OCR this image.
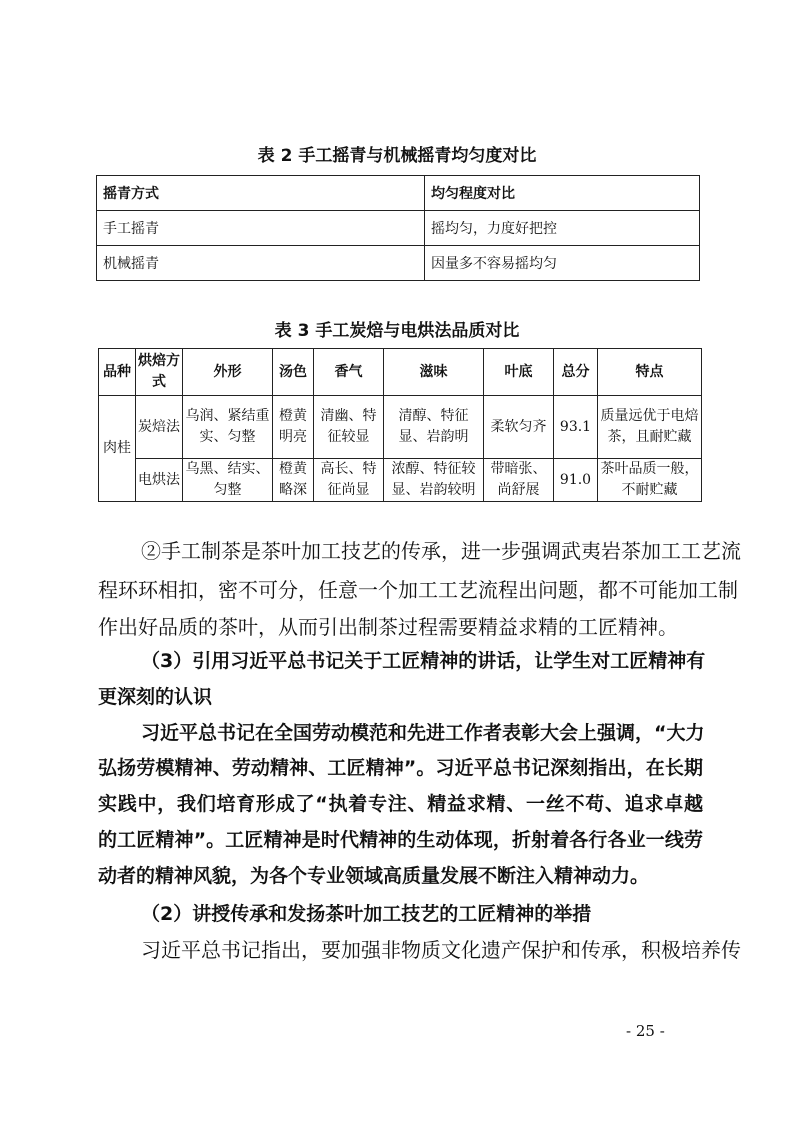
表 2 手工摇青与机械摇青均匀度对比
摇青方式	均匀程度对比
手工摇青	摇均匀，力度好把控
机械摇青	因量多不容易摇均匀
表 3 手工炭焙与电烘法品质对比
品种	烘焙方式	外形	汤色	香气	滋味	叶底	总分	特点
肉桂	炭焙法	乌润、紧结重实、匀整	橙黄明亮	清幽、特征较显	清醇、特征显、岩韵明	柔软匀齐	93.1	质量远优于电焙茶，且耐贮藏
	电烘法	乌黑、结实、匀整	橙黄略深	高长、特征尚显	浓醇、特征较显、岩韵较明	带暗张、尚舒展	91.0	茶叶品质一般，不耐贮藏
②手工制茶是茶叶加工技艺的传承，进一步强调武夷岩茶加工工艺流
程环环相扣，密不可分，任意一个加工工艺流程出问题，都不可能加工制
作出好品质的茶叶，从而引出制茶过程需要精益求精的工匠精神。
（3）引用习近平总书记关于工匠精神的讲话，让学生对工匠精神有
更深刻的认识
习近平总书记在全国劳动模范和先进工作者表彰大会上强调，“大力
弘扬劳模精神、劳动精神、工匠精神”。习近平总书记深刻指出，在长期
实践中，我们培育形成了“执着专注、精益求精、一丝不苟、追求卓越
的工匠精神”。工匠精神是时代精神的生动体现，折射着各行各业一线劳
动者的精神风貌，为各个专业领域高质量发展不断注入精神动力。
（2）讲授传承和发扬茶叶加工技艺的工匠精神的举措
习近平总书记指出，要加强非物质文化遗产保护和传承，积极培养传
- 25 -
